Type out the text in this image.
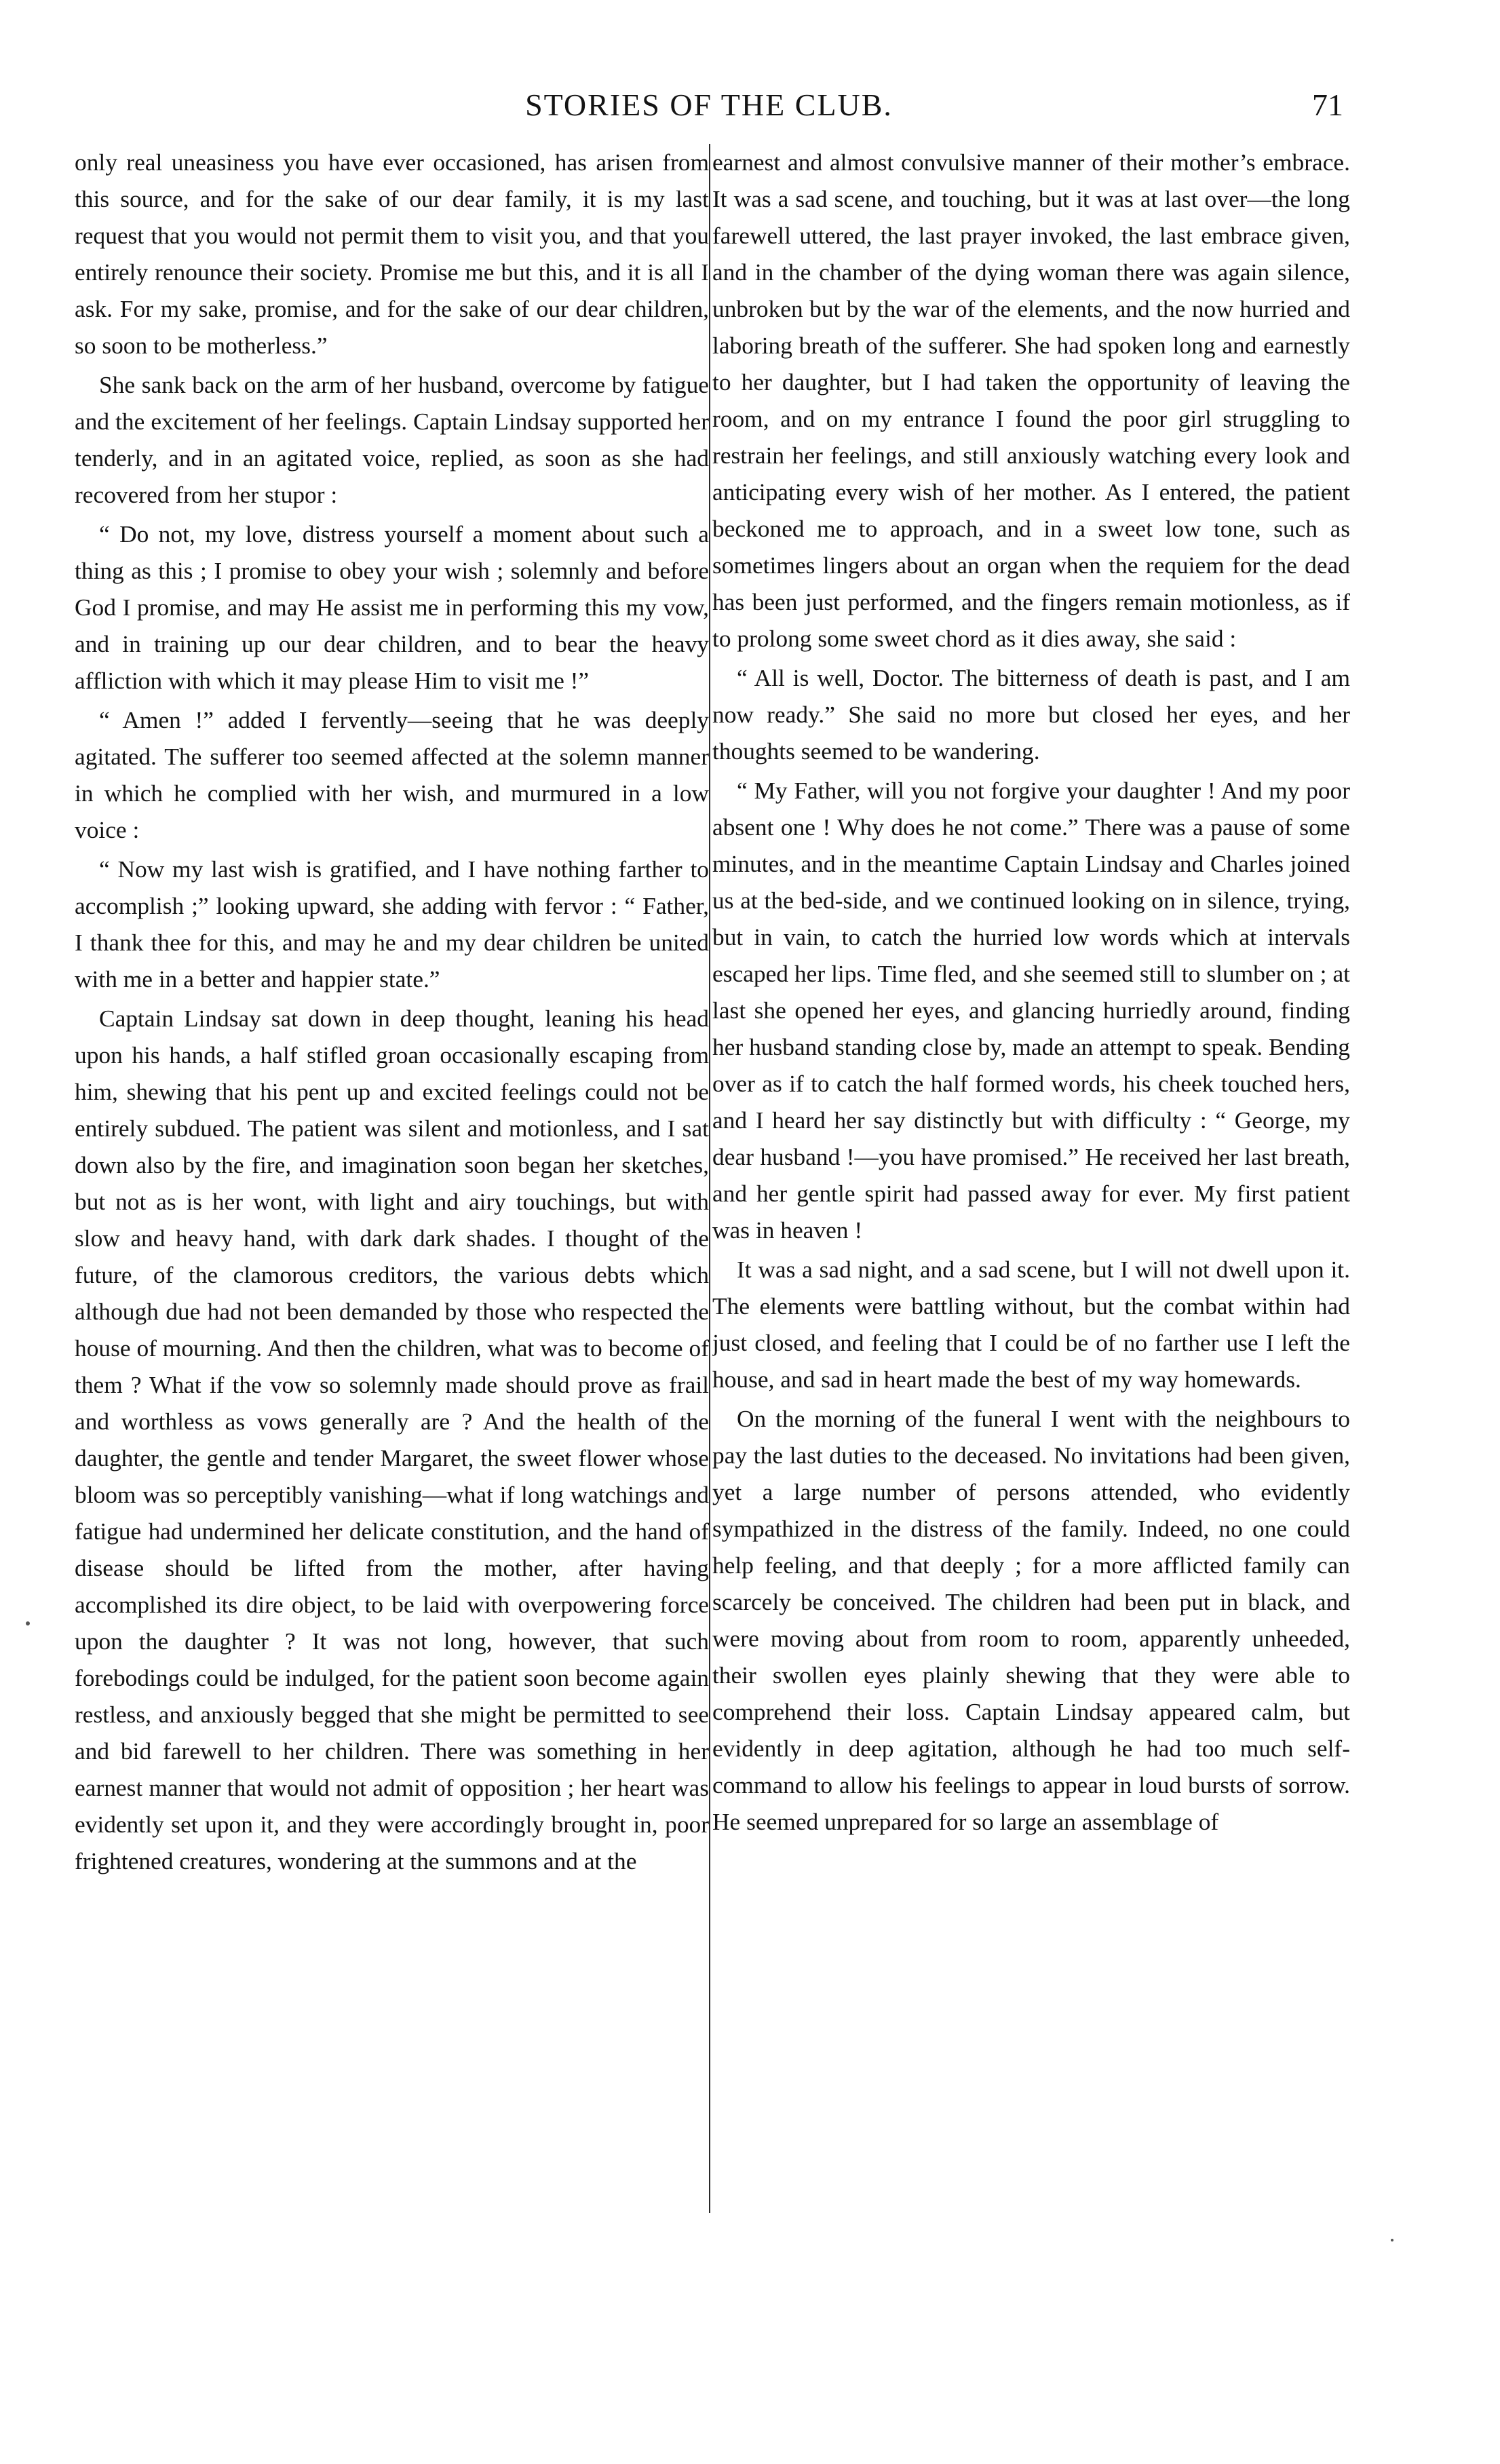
STORIES OF THE CLUB.	71

only real uneasiness you have ever occasioned, has arisen from this source, and for the sake of our dear family, it is my last request that you would not permit them to visit you, and that you entirely renounce their society. Promise me but this, and it is all I ask. For my sake, promise, and for the sake of our dear children, so soon to be motherless.”

She sank back on the arm of her husband, overcome by fatigue and the excitement of her feelings. Captain Lindsay supported her tenderly, and in an agitated voice, replied, as soon as she had recovered from her stupor :

“ Do not, my love, distress yourself a moment about such a thing as this ; I promise to obey your wish ; solemnly and before God I promise, and may He assist me in performing this my vow, and in training up our dear children, and to bear the heavy affliction with which it may please Him to visit me !”

“ Amen !” added I fervently—seeing that he was deeply agitated. The sufferer too seemed affected at the solemn manner in which he complied with her wish, and murmured in a low voice :

“ Now my last wish is gratified, and I have nothing farther to accomplish ;” looking upward, she adding with fervor : “ Father, I thank thee for this, and may he and my dear children be united with me in a better and happier state.”

Captain Lindsay sat down in deep thought, leaning his head upon his hands, a half stifled groan occasionally escaping from him, shewing that his pent up and excited feelings could not be entirely subdued. The patient was silent and motionless, and I sat down also by the fire, and imagination soon began her sketches, but not as is her wont, with light and airy touchings, but with slow and heavy hand, with dark dark shades. I thought of the future, of the clamorous creditors, the various debts which although due had not been demanded by those who respected the house of mourning. And then the children, what was to become of them ? What if the vow so solemnly made should prove as frail and worthless as vows generally are ? And the health of the daughter, the gentle and tender Margaret, the sweet flower whose bloom was so perceptibly vanishing—what if long watchings and fatigue had undermined her delicate constitution, and the hand of disease should be lifted from the mother, after having accomplished its dire object, to be laid with overpowering force upon the daughter ? It was not long, however, that such forebodings could be indulged, for the patient soon become again restless, and anxiously begged that she might be permitted to see and bid farewell to her children. There was something in her earnest manner that would not admit of opposition ; her heart was evidently set upon it, and they were accordingly brought in, poor frightened creatures, wondering at the summons and at the

earnest and almost convulsive manner of their mother’s embrace. It was a sad scene, and touching, but it was at last over—the long farewell uttered, the last prayer invoked, the last embrace given, and in the chamber of the dying woman there was again silence, unbroken but by the war of the elements, and the now hurried and laboring breath of the sufferer. She had spoken long and earnestly to her daughter, but I had taken the opportunity of leaving the room, and on my entrance I found the poor girl struggling to restrain her feelings, and still anxiously watching every look and anticipating every wish of her mother. As I entered, the patient beckoned me to approach, and in a sweet low tone, such as sometimes lingers about an organ when the requiem for the dead has been just performed, and the fingers remain motionless, as if to prolong some sweet chord as it dies away, she said :

“ All is well, Doctor. The bitterness of death is past, and I am now ready.” She said no more but closed her eyes, and her thoughts seemed to be wandering.

“ My Father, will you not forgive your daughter ! And my poor absent one ! Why does he not come.” There was a pause of some minutes, and in the meantime Captain Lindsay and Charles joined us at the bed-side, and we continued looking on in silence, trying, but in vain, to catch the hurried low words which at intervals escaped her lips. Time fled, and she seemed still to slumber on ; at last she opened her eyes, and glancing hurriedly around, finding her husband standing close by, made an attempt to speak. Bending over as if to catch the half formed words, his cheek touched hers, and I heard her say distinctly but with difficulty : “ George, my dear husband !—you have promised.” He received her last breath, and her gentle spirit had passed away for ever. My first patient was in heaven !

It was a sad night, and a sad scene, but I will not dwell upon it. The elements were battling without, but the combat within had just closed, and feeling that I could be of no farther use I left the house, and sad in heart made the best of my way homewards.

On the morning of the funeral I went with the neighbours to pay the last duties to the deceased. No invitations had been given, yet a large number of persons attended, who evidently sympathized in the distress of the family. Indeed, no one could help feeling, and that deeply ; for a more afflicted family can scarcely be conceived. The children had been put in black, and were moving about from room to room, apparently unheeded, their swollen eyes plainly shewing that they were able to comprehend their loss. Captain Lindsay appeared calm, but evidently in deep agitation, although he had too much self-command to allow his feelings to appear in loud bursts of sorrow. He seemed unprepared for so large an assemblage of
